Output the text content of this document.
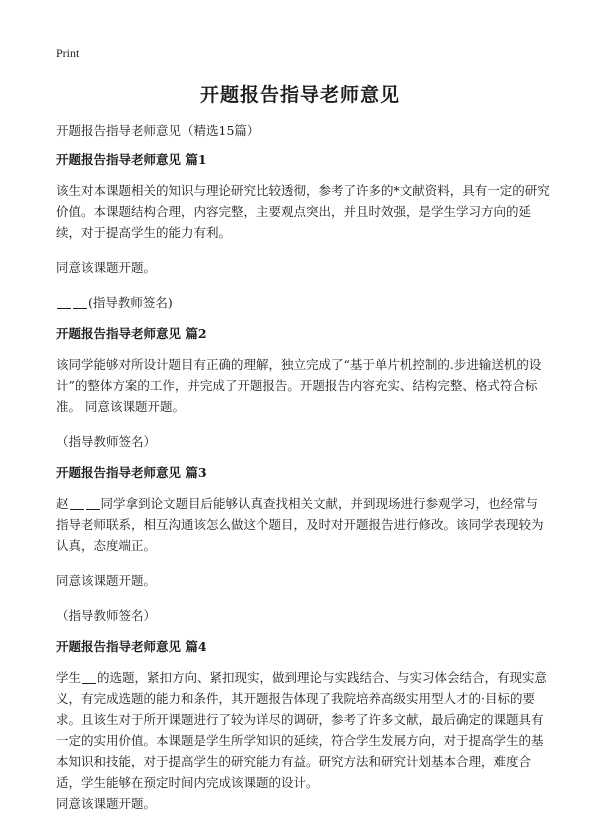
Print
开题报告指导老师意见

开题报告指导老师意见（精选15篇）

开题报告指导老师意见 篇1

该生对本课题相关的知识与理论研究比较透彻，参考了许多的*文献资料，具有一定的研究价值。本课题结构合理，内容完整，主要观点突出，并且时效强，是学生学习方向的延续，对于提高学生的能力有利。

同意该课题开题。

(指导教师签名)

开题报告指导老师意见 篇2

该同学能够对所设计题目有正确的理解，独立完成了“基于单片机控制的.步进输送机的设计”的整体方案的工作，并完成了开题报告。开题报告内容充实、结构完整、格式符合标准。 同意该课题开题。

（指导教师签名）

开题报告指导老师意见 篇3

赵	同学拿到论文题目后能够认真查找相关文献，并到现场进行参观学习，也经常与指导老师联系，相互沟通该怎么做这个题目，及时对开题报告进行修改。该同学表现较为认真，态度端正。

同意该课题开题。

（指导教师签名）

开题报告指导老师意见 篇4

学生 的选题，紧扣方向、紧扣现实，做到理论与实践结合、与实习体会结合，有现实意义，有完成选题的能力和条件，其开题报告体现了我院培养高级实用型人才的·目标的要求。且该生对于所开课题进行了较为详尽的调研，参考了许多文献，最后确定的课题具有一定的实用价值。本课题是学生所学知识的延续，符合学生发展方向，对于提高学生的基本知识和技能，对于提高学生的研究能力有益。研究方法和研究计划基本合理，难度合适，学生能够在预定时间内完成该课题的设计。

同意该课题开题。
